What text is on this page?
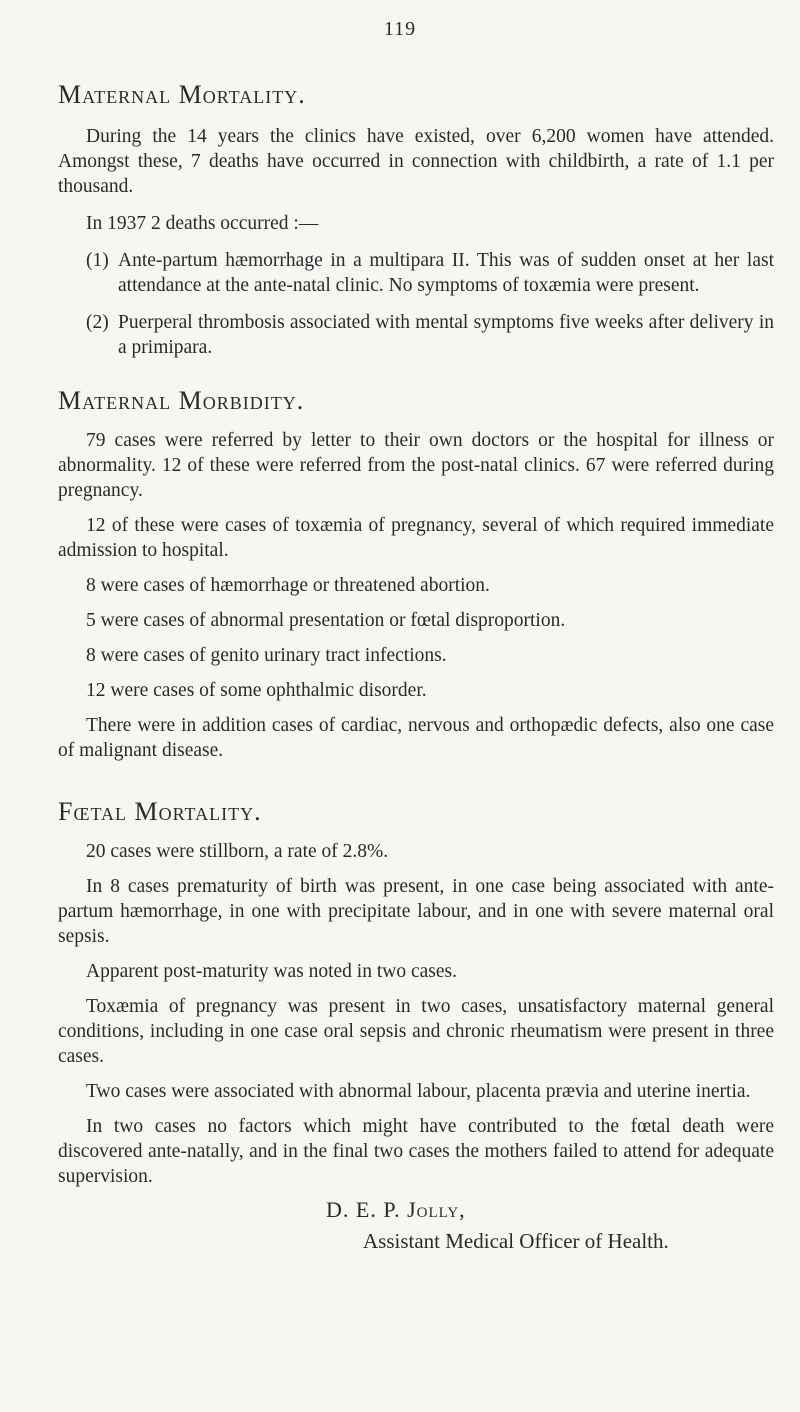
119
Maternal Mortality.

During the 14 years the clinics have existed, over 6,200 women have attended. Amongst these, 7 deaths have occurred in connection with childbirth, a rate of 1.1 per thousand.

In 1937 2 deaths occurred :—

(1) Ante-partum hæmorrhage in a multipara II. This was of sudden onset at her last attendance at the ante-natal clinic. No symptoms of toxæmia were present.
(2) Puerperal thrombosis associated with mental symptoms five weeks after delivery in a primipara.
Maternal Morbidity.

79 cases were referred by letter to their own doctors or the hospital for illness or abnormality. 12 of these were referred from the post-natal clinics. 67 were referred during pregnancy.

12 of these were cases of toxæmia of pregnancy, several of which required immediate admission to hospital.

8 were cases of hæmorrhage or threatened abortion.

5 were cases of abnormal presentation or fœtal disproportion.

8 were cases of genito urinary tract infections.

12 were cases of some ophthalmic disorder.

There were in addition cases of cardiac, nervous and orthopædic defects, also one case of malignant disease.

Fœtal Mortality.

20 cases were stillborn, a rate of 2.8%.

In 8 cases prematurity of birth was present, in one case being associated with ante-partum hæmorrhage, in one with precipitate labour, and in one with severe maternal oral sepsis.

Apparent post-maturity was noted in two cases.

Toxæmia of pregnancy was present in two cases, unsatisfactory maternal general conditions, including in one case oral sepsis and chronic rheumatism were present in three cases.

Two cases were associated with abnormal labour, placenta prævia and uterine inertia.

In two cases no factors which might have contributed to the fœtal death were discovered ante-natally, and in the final two cases the mothers failed to attend for adequate supervision.

D. E. P. Jolly,
Assistant Medical Officer of Health.
